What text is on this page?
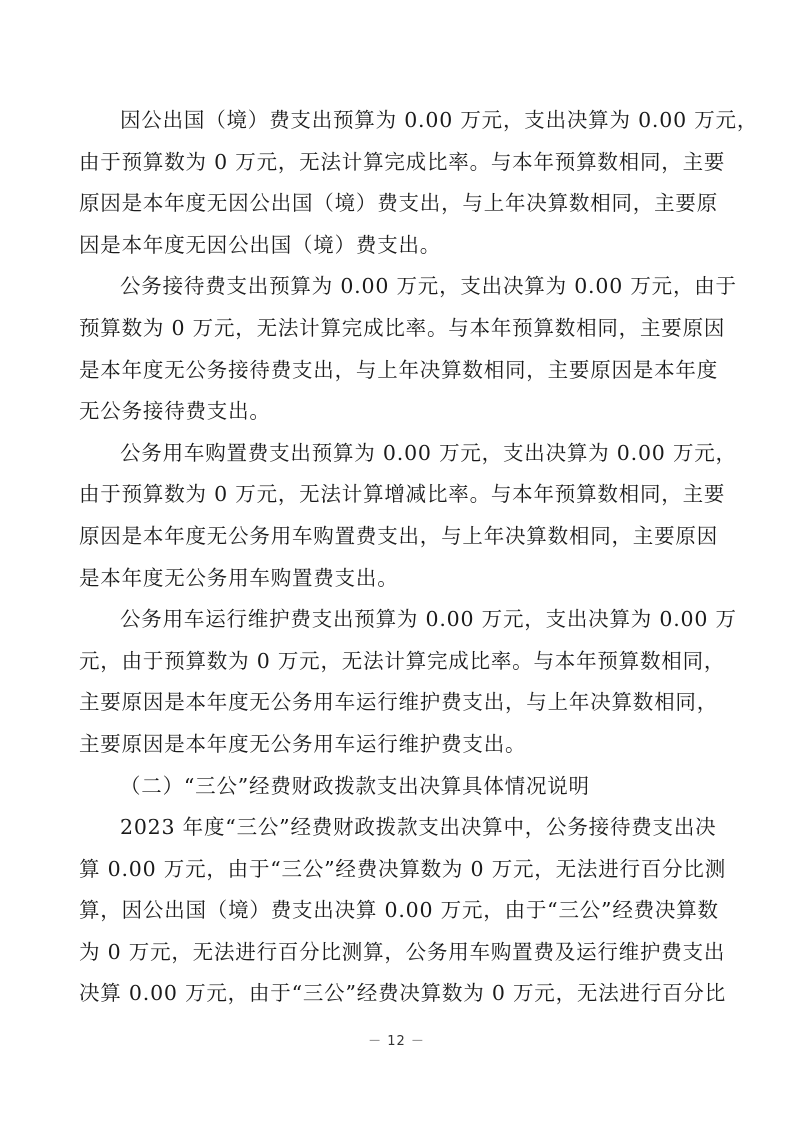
因公出国（境）费支出预算为 0.00 万元，支出决算为 0.00 万元，
由于预算数为 0 万元，无法计算完成比率。与本年预算数相同，主要
原因是本年度无因公出国（境）费支出，与上年决算数相同，主要原
因是本年度无因公出国（境）费支出。
公务接待费支出预算为 0.00 万元，支出决算为 0.00 万元，由于
预算数为 0 万元，无法计算完成比率。与本年预算数相同，主要原因
是本年度无公务接待费支出，与上年决算数相同，主要原因是本年度
无公务接待费支出。
公务用车购置费支出预算为 0.00 万元，支出决算为 0.00 万元，
由于预算数为 0 万元，无法计算增减比率。与本年预算数相同，主要
原因是本年度无公务用车购置费支出，与上年决算数相同，主要原因
是本年度无公务用车购置费支出。
公务用车运行维护费支出预算为 0.00 万元，支出决算为 0.00 万
元，由于预算数为 0 万元，无法计算完成比率。与本年预算数相同，
主要原因是本年度无公务用车运行维护费支出，与上年决算数相同，
主要原因是本年度无公务用车运行维护费支出。
（二）“三公”经费财政拨款支出决算具体情况说明
2023 年度“三公”经费财政拨款支出决算中，公务接待费支出决
算 0.00 万元，由于“三公”经费决算数为 0 万元，无法进行百分比测
算，因公出国（境）费支出决算 0.00 万元，由于“三公”经费决算数
为 0 万元，无法进行百分比测算，公务用车购置费及运行维护费支出
决算 0.00 万元，由于“三公”经费决算数为 0 万元，无法进行百分比
－ 12 －
